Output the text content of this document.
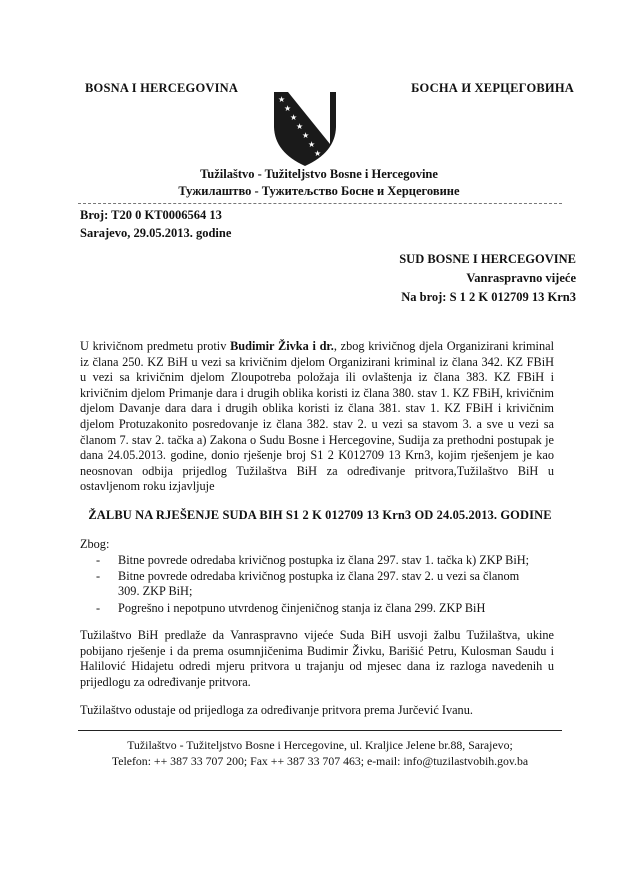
BOSNA I HERCEGOVINA	БОСНА И ХЕРЦЕГОВИНА
★
★
★
★
★
★
★
Tužilaštvo - Tužiteljstvo Bosne i Hercegovine
Тужилаштво - Тужитељство Босне и Херцеговине
Broj: T20 0 KT0006564 13
Sarajevo, 29.05.2013. godine
SUD BOSNE I HERCEGOVINE
Vanraspravno vijeće
Na broj: S 1 2 K 012709 13 Krn3
U krivičnom predmetu protiv Budimir Živka i dr., zbog krivičnog djela Organizirani kriminal iz člana 250. KZ BiH u vezi sa krivičnim djelom Organizirani kriminal iz člana 342. KZ FBiH u vezi sa krivičnim djelom Zloupotreba položaja ili ovlaštenja iz člana 383. KZ FBiH i krivičnim djelom Primanje dara i drugih oblika koristi iz člana 380. stav 1. KZ FBiH, krivičnim djelom Davanje dara dara i drugih oblika koristi iz člana 381. stav 1. KZ FBiH i krivičnim djelom Protuzakonito posredovanje iz člana 382. stav 2. u vezi sa stavom 3. a sve u vezi sa članom 7. stav 2. tačka a) Zakona o Sudu Bosne i Hercegovine, Sudija za prethodni postupak je dana 24.05.2013. godine, donio rješenje broj S1 2 K012709 13 Krn3, kojim rješenjem je kao neosnovan odbija prijedlog Tužilaštva BiH za određivanje pritvora,Tužilaštvo BiH u ostavljenom roku izjavljuje
ŽALBU NA RJEŠENJE SUDA BIH S1 2 K 012709 13 Krn3 OD 24.05.2013. GODINE
Zbog:
- Bitne povrede odredaba krivičnog postupka iz člana 297. stav 1. tačka k) ZKP BiH;
- Bitne povrede odredaba krivičnog postupka iz člana 297. stav 2. u vezi sa članom 309. ZKP BiH;
- Pogrešno i nepotpuno utvrdenog činjeničnog stanja iz člana 299. ZKP BiH
Tužilaštvo BiH predlaže da Vanraspravno vijeće Suda BiH usvoji žalbu Tužilaštva, ukine pobijano rješenje i da prema osumnjičenima Budimir Živku, Barišić Petru, Kulosman Saudu i Halilović Hidajetu odredi mjeru pritvora u trajanju od mjesec dana iz razloga navedenih u prijedlogu za određivanje pritvora.
Tužilaštvo odustaje od prijedloga za određivanje pritvora prema Jurčević Ivanu.
Tužilaštvo - Tužiteljstvo Bosne i Hercegovine, ul. Kraljice Jelene br.88, Sarajevo;
Telefon: ++ 387 33 707 200; Fax ++ 387 33 707 463; e-mail: info@tuzilastvobih.gov.ba
